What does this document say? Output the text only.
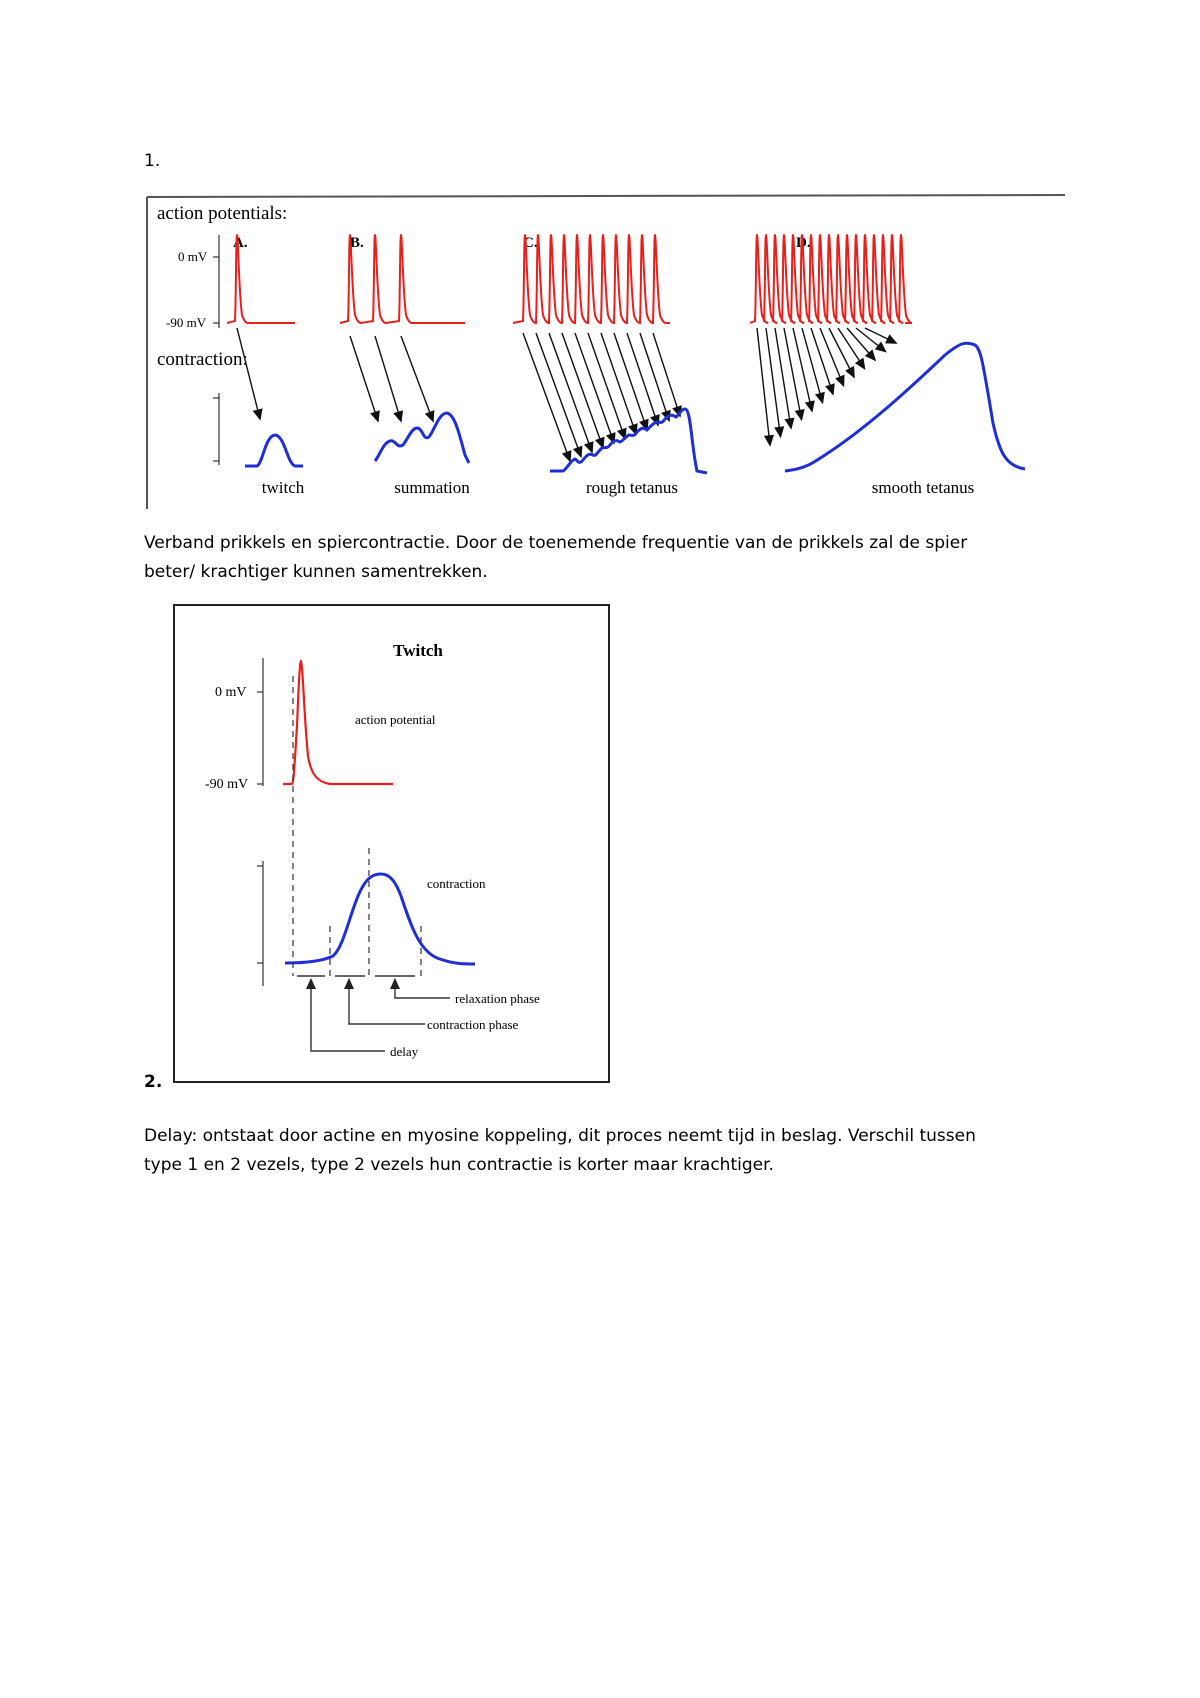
1.
action potentials:
contraction:
0 mV
-90 mV
A.	B.	C.	D.
twitch	summation	rough tetanus	smooth tetanus
Verband prikkels en spiercontractie. Door de toenemende frequentie van de prikkels zal de spier
beter/ krachtiger kunnen samentrekken.
Twitch
0 mV
-90 mV
action potential
contraction
relaxation phase
contraction phase
delay
2.
Delay: ontstaat door actine en myosine koppeling, dit proces neemt tijd in beslag. Verschil tussen
type 1 en 2 vezels, type 2 vezels hun contractie is korter maar krachtiger.
